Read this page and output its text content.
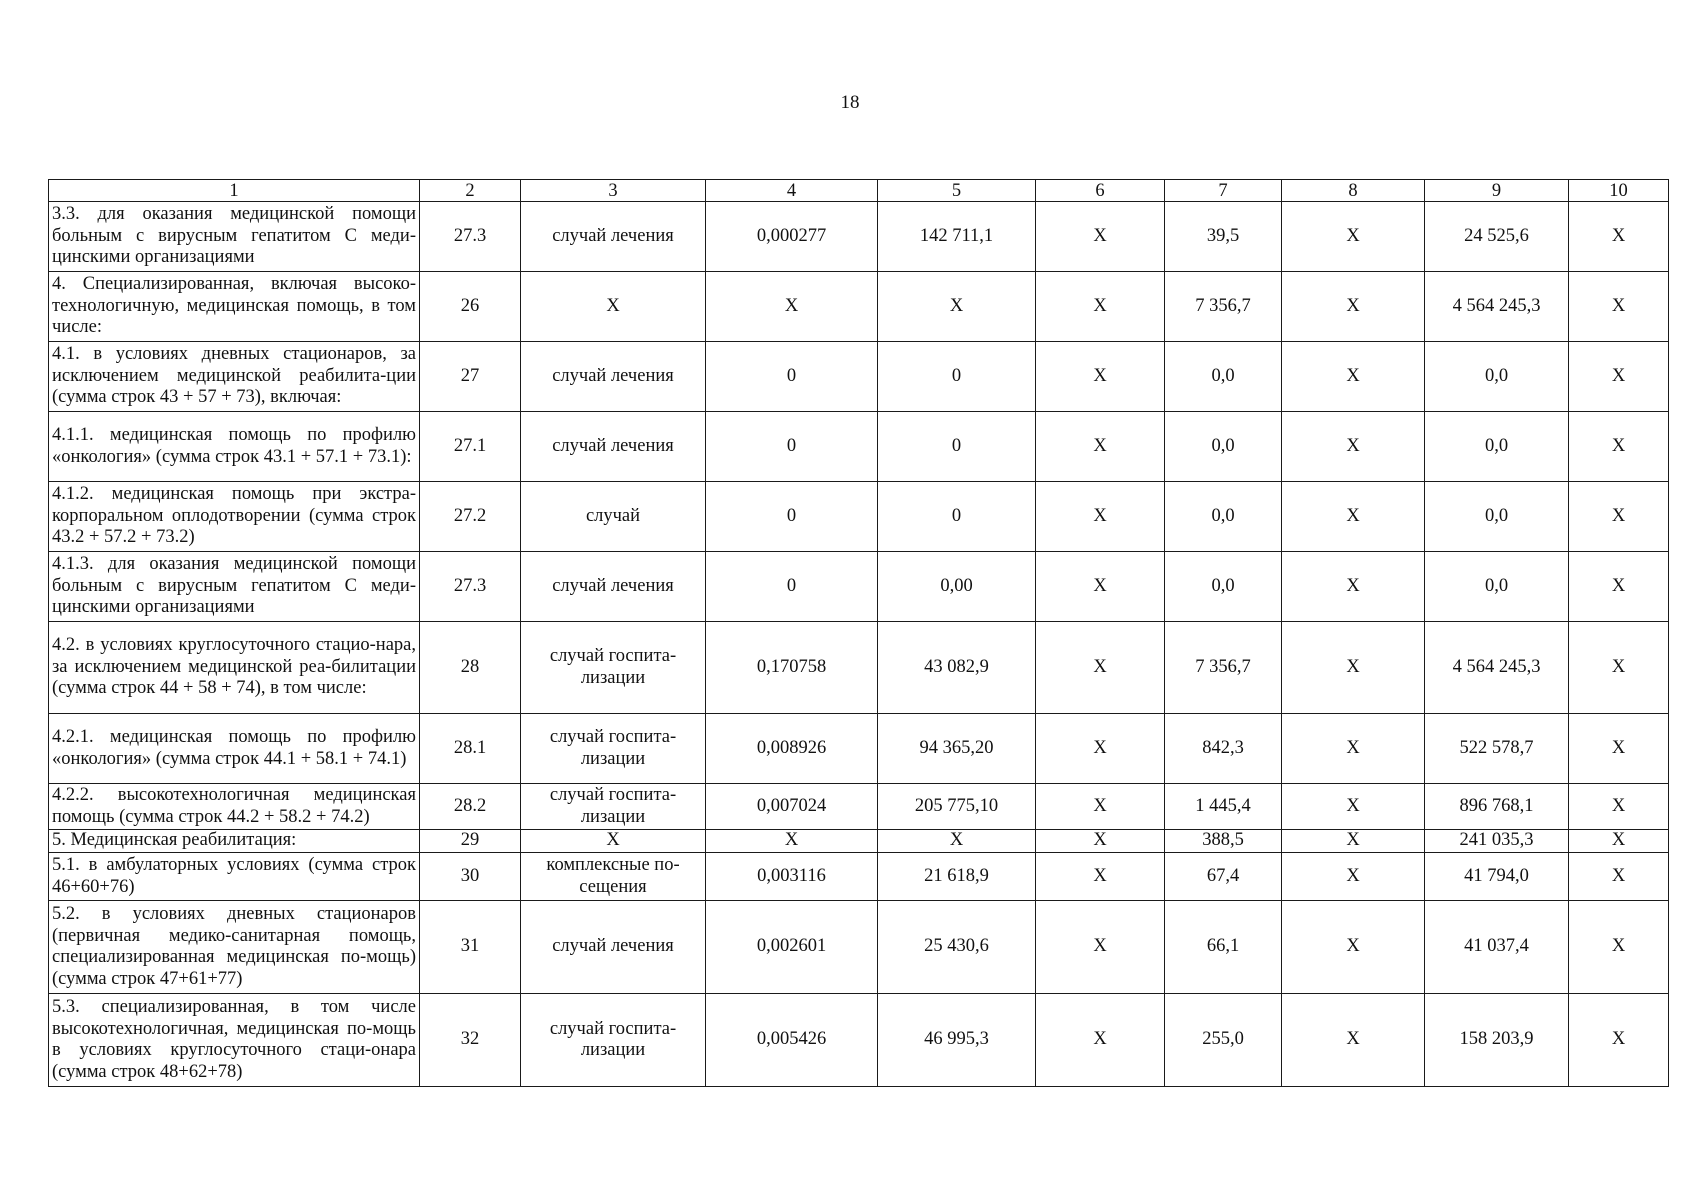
18
1	2	3	4	5	6	7	8	9	10
3.3. для оказания медицинской помощи больным с вирусным гепатитом С меди-цинскими организациями	27.3	случай лечения	0,000277	142 711,1	X	39,5	X	24 525,6	X
4. Специализированная, включая высоко-технологичную, медицинская помощь, в том числе:	26	X	X	X	X	7 356,7	X	4 564 245,3	X
4.1. в условиях дневных стационаров, за исключением медицинской реабилита-ции (сумма строк 43 + 57 + 73), включая:	27	случай лечения	0	0	X	0,0	X	0,0	X
4.1.1. медицинская помощь по профилю «онкология» (сумма строк 43.1 + 57.1 + 73.1):	27.1	случай лечения	0	0	X	0,0	X	0,0	X
4.1.2. медицинская помощь при экстра-корпоральном оплодотворении (сумма строк 43.2 + 57.2 + 73.2)	27.2	случай	0	0	X	0,0	X	0,0	X
4.1.3. для оказания медицинской помощи больным с вирусным гепатитом С меди-цинскими организациями	27.3	случай лечения	0	0,00	X	0,0	X	0,0	X
4.2. в условиях круглосуточного стацио-нара, за исключением медицинской реа-билитации (сумма строк 44 + 58 + 74), в том числе:	28	случай госпита-лизации	0,170758	43 082,9	X	7 356,7	X	4 564 245,3	X
4.2.1. медицинская помощь по профилю «онкология» (сумма строк 44.1 + 58.1 + 74.1)	28.1	случай госпита-лизации	0,008926	94 365,20	X	842,3	X	522 578,7	X
4.2.2. высокотехнологичная медицинская помощь (сумма строк 44.2 + 58.2 + 74.2)	28.2	случай госпита-лизации	0,007024	205 775,10	X	1 445,4	X	896 768,1	X
5. Медицинская реабилитация:	29	X	X	X	X	388,5	X	241 035,3	X
5.1. в амбулаторных условиях (сумма строк 46+60+76)	30	комплексные по-сещения	0,003116	21 618,9	X	67,4	X	41 794,0	X
5.2. в условиях дневных стационаров (первичная медико-санитарная помощь, специализированная медицинская по-мощь) (сумма строк 47+61+77)	31	случай лечения	0,002601	25 430,6	X	66,1	X	41 037,4	X
5.3. специализированная, в том числе высокотехнологичная, медицинская по-мощь в условиях круглосуточного стаци-онара (сумма строк 48+62+78)	32	случай госпита-лизации	0,005426	46 995,3	X	255,0	X	158 203,9	X
